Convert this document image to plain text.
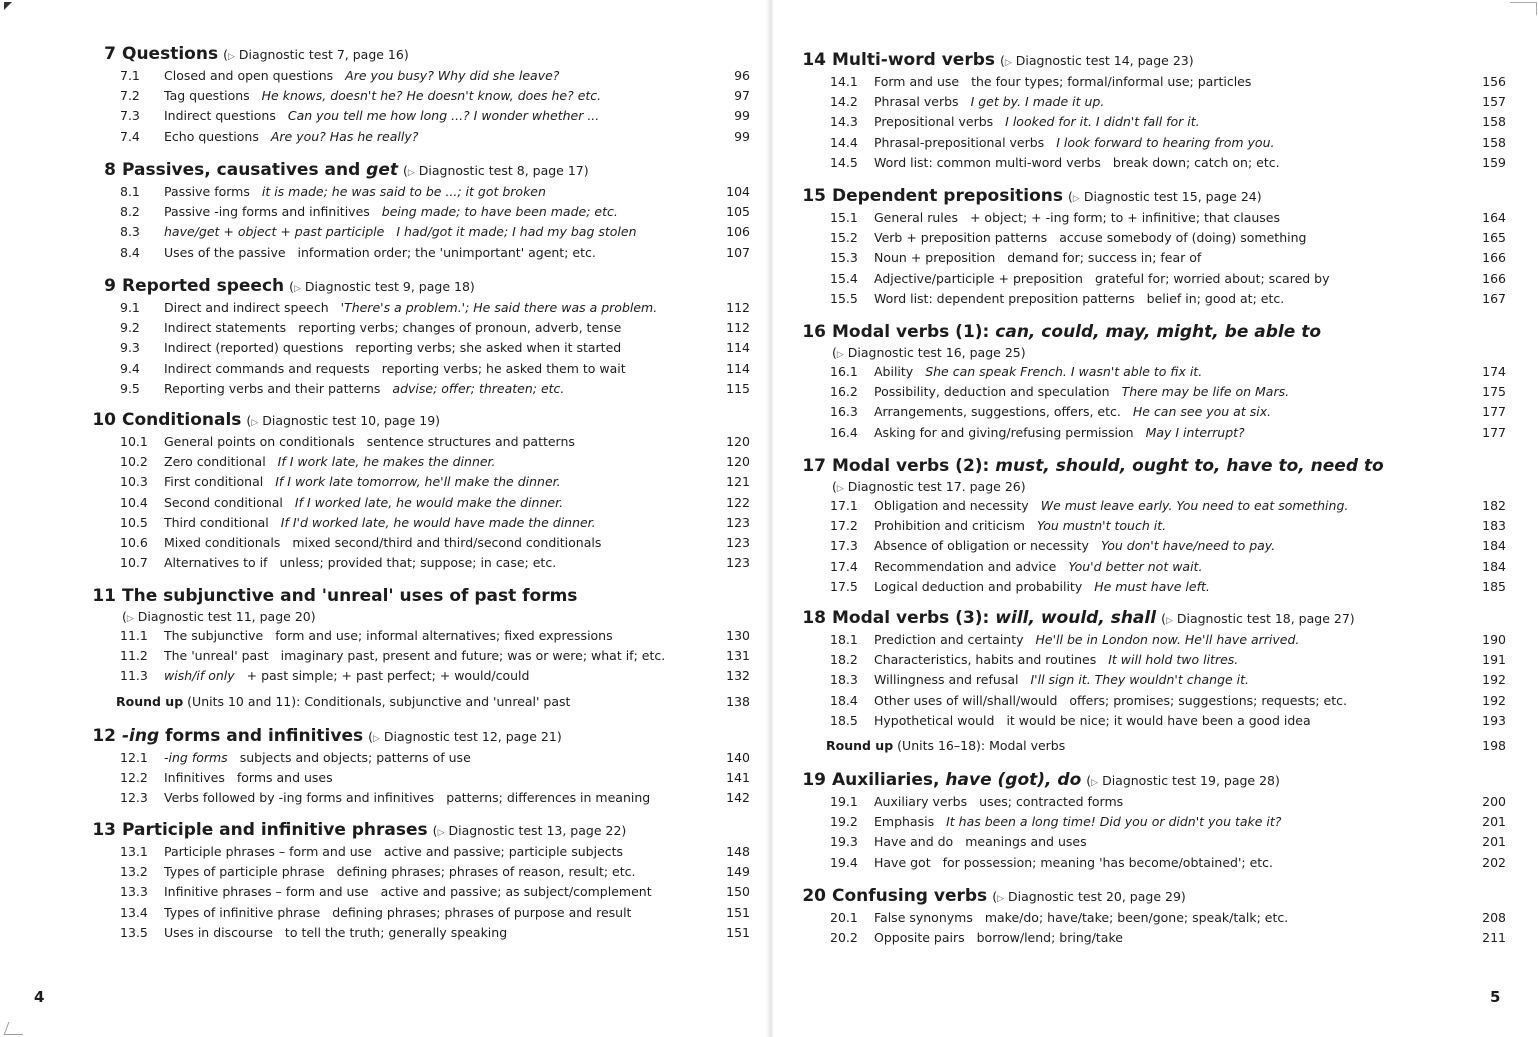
4
7 Questions (▷ Diagnostic test 7, page 16)
7.1	Closed and open questions Are you busy? Why did she leave?	96
7.2	Tag questions He knows, doesn't he? He doesn't know, does he? etc.	97
7.3	Indirect questions Can you tell me how long ...? I wonder whether ...	99
7.4	Echo questions Are you? Has he really?	99
8 Passives, causatives and get (▷ Diagnostic test 8, page 17)
8.1	Passive forms it is made; he was said to be ...; it got broken	104
8.2	Passive -ing forms and infinitives being made; to have been made; etc.	105
8.3	have/get + object + past participle I had/got it made; I had my bag stolen	106
8.4	Uses of the passive information order; the 'unimportant' agent; etc.	107
9 Reported speech (▷ Diagnostic test 9, page 18)
9.1	Direct and indirect speech 'There's a problem.'; He said there was a problem.	112
9.2	Indirect statements reporting verbs; changes of pronoun, adverb, tense	112
9.3	Indirect (reported) questions reporting verbs; she asked when it started	114
9.4	Indirect commands and requests reporting verbs; he asked them to wait	114
9.5	Reporting verbs and their patterns advise; offer; threaten; etc.	115
10 Conditionals (▷ Diagnostic test 10, page 19)
10.1	General points on conditionals sentence structures and patterns	120
10.2	Zero conditional If I work late, he makes the dinner.	120
10.3	First conditional If I work late tomorrow, he'll make the dinner.	121
10.4	Second conditional If I worked late, he would make the dinner.	122
10.5	Third conditional If I'd worked late, he would have made the dinner.	123
10.6	Mixed conditionals mixed second/third and third/second conditionals	123
10.7	Alternatives to if unless; provided that; suppose; in case; etc.	123
11 The subjunctive and 'unreal' uses of past forms
(▷ Diagnostic test 11, page 20)
11.1	The subjunctive form and use; informal alternatives; fixed expressions	130
11.2	The 'unreal' past imaginary past, present and future; was or were; what if; etc.	131
11.3	wish/if only + past simple; + past perfect; + would/could	132
Round up (Units 10 and 11): Conditionals, subjunctive and 'unreal' past	138
12 -ing forms and infinitives (▷ Diagnostic test 12, page 21)
12.1	-ing forms subjects and objects; patterns of use	140
12.2	Infinitives forms and uses	141
12.3	Verbs followed by -ing forms and infinitives patterns; differences in meaning	142
13 Participle and infinitive phrases (▷ Diagnostic test 13, page 22)
13.1	Participle phrases – form and use active and passive; participle subjects	148
13.2	Types of participle phrase defining phrases; phrases of reason, result; etc.	149
13.3	Infinitive phrases – form and use active and passive; as subject/complement	150
13.4	Types of infinitive phrase defining phrases; phrases of purpose and result	151
13.5	Uses in discourse to tell the truth; generally speaking	151
5
14 Multi-word verbs (▷ Diagnostic test 14, page 23)
14.1	Form and use the four types; formal/informal use; particles	156
14.2	Phrasal verbs I get by. I made it up.	157
14.3	Prepositional verbs I looked for it. I didn't fall for it.	158
14.4	Phrasal-prepositional verbs I look forward to hearing from you.	158
14.5	Word list: common multi-word verbs break down; catch on; etc.	159
15 Dependent prepositions (▷ Diagnostic test 15, page 24)
15.1	General rules + object; + -ing form; to + infinitive; that clauses	164
15.2	Verb + preposition patterns accuse somebody of (doing) something	165
15.3	Noun + preposition demand for; success in; fear of	166
15.4	Adjective/participle + preposition grateful for; worried about; scared by	166
15.5	Word list: dependent preposition patterns belief in; good at; etc.	167
16 Modal verbs (1): can, could, may, might, be able to
(▷ Diagnostic test 16, page 25)
16.1	Ability She can speak French. I wasn't able to fix it.	174
16.2	Possibility, deduction and speculation There may be life on Mars.	175
16.3	Arrangements, suggestions, offers, etc. He can see you at six.	177
16.4	Asking for and giving/refusing permission May I interrupt?	177
17 Modal verbs (2): must, should, ought to, have to, need to
(▷ Diagnostic test 17. page 26)
17.1	Obligation and necessity We must leave early. You need to eat something.	182
17.2	Prohibition and criticism You mustn't touch it.	183
17.3	Absence of obligation or necessity You don't have/need to pay.	184
17.4	Recommendation and advice You'd better not wait.	184
17.5	Logical deduction and probability He must have left.	185
18 Modal verbs (3): will, would, shall (▷ Diagnostic test 18, page 27)
18.1	Prediction and certainty He'll be in London now. He'll have arrived.	190
18.2	Characteristics, habits and routines It will hold two litres.	191
18.3	Willingness and refusal I'll sign it. They wouldn't change it.	192
18.4	Other uses of will/shall/would offers; promises; suggestions; requests; etc.	192
18.5	Hypothetical would it would be nice; it would have been a good idea	193
Round up (Units 16–18): Modal verbs	198
19 Auxiliaries, have (got), do (▷ Diagnostic test 19, page 28)
19.1	Auxiliary verbs uses; contracted forms	200
19.2	Emphasis It has been a long time! Did you or didn't you take it?	201
19.3	Have and do meanings and uses	201
19.4	Have got for possession; meaning 'has become/obtained'; etc.	202
20 Confusing verbs (▷ Diagnostic test 20, page 29)
20.1	False synonyms make/do; have/take; been/gone; speak/talk; etc.	208
20.2	Opposite pairs borrow/lend; bring/take	211
